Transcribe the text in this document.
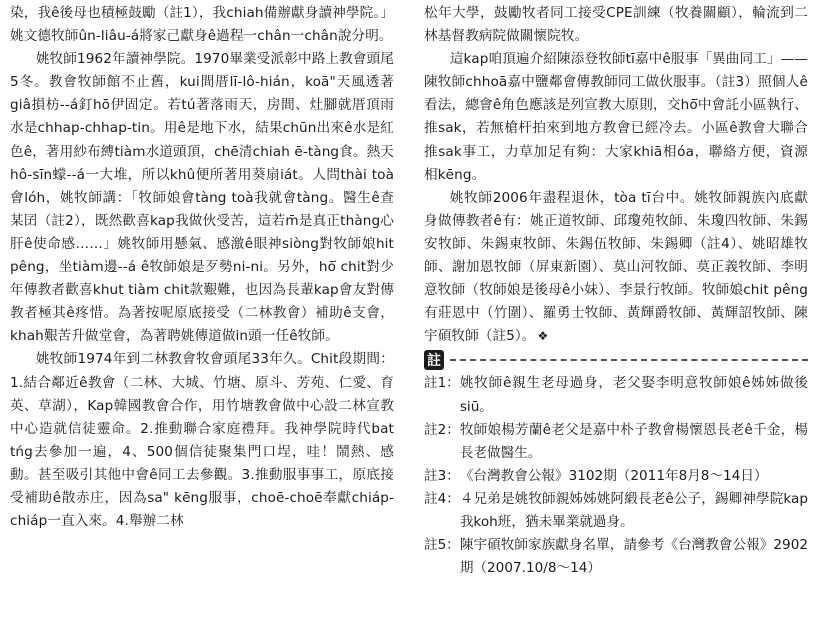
染，我ê後母也積極鼓勵（註1），我chiah備辦獻身讀神學院。」姚文德牧師ûn-liâu-á將家己獻身ê過程一chân一chân說分明。

姚牧師1962年讀神學院。1970畢業受派彰中路上教會頭尾5冬。教會牧師館不止舊，kui間厝lī-lô-hián，koā"天風透著giâ損枋--á釘hō伊固定。若tú著落雨天，房間、灶腳就厝頂雨水是chhap-chhap-tin。用ê是地下水，結果chūn出來ê水是紅色ê，著用紗布縛tiàm水道頭頂，chē清chiah ē-tàng食。熱天hô-sīn蠓--á一大堆，所以khû便所著用葵扇iát。人問thài toà會lóh，姚牧師講：「牧師娘會tàng toà我就會tàng。醫生ê查某囝（註2），既然歡喜kap我做伙受苦，這若m̄是真正thàng心肝ê使命感……」姚牧師用懸氣、感激ê眼神siòng對牧師娘hit pêng，坐tiàm邊--á ê牧師娘是歹勢ni-ni。另外，hō͘ chit對少年傳教者歡喜khut tiàm chit款艱難，也因為長輩kap會友對傳教者極其ê疼惜。為著按呢原底接受（二林教會）補助ê支會，khah艱苦升做堂會，為著聘姚傳道做in頭一任ê牧師。

姚牧師1974年到二林教會牧會頭尾33年久。Chit段期間：1.結合鄰近ê教會（二林、大城、竹塘、原斗、芳苑、仁愛、育英、草湖），Kap韓國教會合作，用竹塘教會做中心設二林宣教中心造就信徒靈命。2.推動聯合家庭禮拜。我神學院時代bat tńg去參加一遍，4、500個信徒聚集門口埕，哇！鬧熱、感動。甚至吸引其他中會ê同工去參觀。3.推動服事事工，原底接受補助ê散赤庄，因為sa" kēng服事，choē-choē奉獻chiáp-chiáp一直入來。4.舉辦二林

松年大學，鼓勵牧者同工接受CPE訓練（牧養關顧），輪流到二林基督教病院做關懷院牧。

這kap咱頂遍介紹陳添登牧師tī嘉中ê服事「異曲同工」——陳牧師chhoā嘉中鹽鄰會傳教師同工做伙服事。（註3）照個人ê看法，總會ê角色應該是列宣教大原則，交hō͘中會託小區執行、推sak，若無槍杆拍來到地方教會已經冷去。小區ê教會大聯合推sak事工，力草加足有夠：大家khiā相óa，聯絡方便，資源相kēng。

姚牧師2006年盡程退休，tòa tī台中。姚牧師親族內底獻身做傳教者ê有：姚正道牧師、邱瓊苑牧師、朱瓊四牧師、朱錫安牧師、朱錫東牧師、朱錫伍牧師、朱錫卿（註4）、姚昭雄牧師、謝加恩牧師（屏東新園）、莫山河牧師、莫正義牧師、李明意牧師（牧師娘是後母ê小妹）、李景行牧師。牧師娘chit pêng有莊恩中（竹圍）、羅勇士牧師、黃輝爵牧師、黃輝詔牧師、陳宇碩牧師（註5）。 ❖

註
註1： 姚牧師ê親生老母過身，老父娶李明意牧師娘ê姊姊做後siū。
註2： 牧師娘楊芳蘭ê老父是嘉中朴子教會楊懷恩長老ê千金，楊長老做醫生。
註3： 《台灣教會公報》3102期（2011年8月8～14日）
註4： ４兄弟是姚牧師親姊姊姚阿緞長老ê公子，錫卿神學院kap我koh班，猶未畢業就過身。
註5： 陳宇碩牧師家族獻身名單，請參考《台灣教會公報》2902期（2007.10/8～14）
